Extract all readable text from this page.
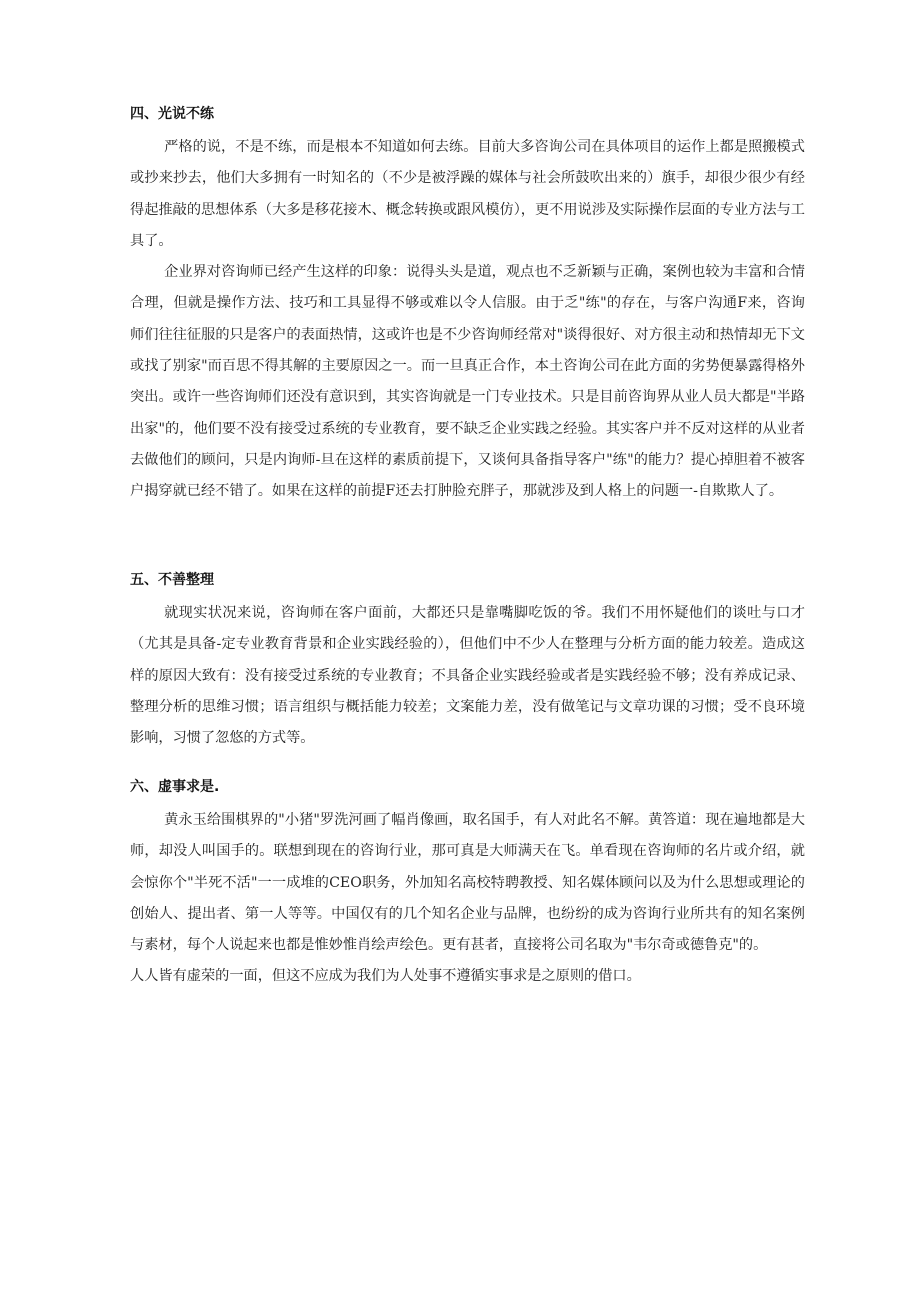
四、光说不练

严格的说，不是不练，而是根本不知道如何去练。目前大多咨询公司在具体项目的运作上都是照搬模式或抄来抄去，他们大多拥有一时知名的（不少是被浮躁的媒体与社会所鼓吹出来的）旗手，却很少很少有经得起推敲的思想体系（大多是移花接木、概念转换或跟风模仿），更不用说涉及实际操作层面的专业方法与工具了。

企业界对咨询师已经产生这样的印象：说得头头是道，观点也不乏新颖与正确，案例也较为丰富和合情合理，但就是操作方法、技巧和工具显得不够或难以令人信服。由于乏"练"的存在，与客户沟通F来，咨询师们往往征服的只是客户的表面热情，这或许也是不少咨询师经常对"谈得很好、对方很主动和热情却无下文或找了别家"而百思不得其解的主要原因之一。而一旦真正合作，本土咨询公司在此方面的劣势便暴露得格外突出。或许一些咨询师们还没有意识到，其实咨询就是一门专业技术。只是目前咨询界从业人员大都是"半路出家"的，他们要不没有接受过系统的专业教育，要不缺乏企业实践之经验。其实客户并不反对这样的从业者去做他们的顾问，只是内询师-旦在这样的素质前提下，又谈何具备指导客户"练"的能力？提心掉胆着不被客户揭穿就已经不错了。如果在这样的前提F还去打肿脸充胖子，那就涉及到人格上的问题一-自欺欺人了。

五、不善整理

就现实状况来说，咨询师在客户面前，大都还只是靠嘴脚吃饭的爷。我们不用怀疑他们的谈吐与口才（尤其是具备-定专业教育背景和企业实践经验的），但他们中不少人在整理与分析方面的能力较差。造成这样的原因大致有：没有接受过系统的专业教育；不具备企业实践经验或者是实践经验不够；没有养成记录、整理分析的思维习惯；语言组织与概括能力较差；文案能力差，没有做笔记与文章功课的习惯；受不良环境影响，习惯了忽悠的方式等。

六、虚事求是.

黄永玉给围棋界的"小猪"罗洗河画了幅肖像画，取名国手，有人对此名不解。黄答道：现在遍地都是大师，却没人叫国手的。联想到现在的咨询行业，那可真是大师满天在飞。单看现在咨询师的名片或介绍，就会惊你个"半死不活"一一成堆的CEO职务，外加知名高校特聘教授、知名媒体顾问以及为什么思想或理论的创始人、提出者、第一人等等。中国仅有的几个知名企业与品牌，也纷纷的成为咨询行业所共有的知名案例与素材，每个人说起来也都是惟妙惟肖绘声绘色。更有甚者，直接将公司名取为"韦尔奇或德鲁克"的。

人人皆有虚荣的一面，但这不应成为我们为人处事不遵循实事求是之原则的借口。
